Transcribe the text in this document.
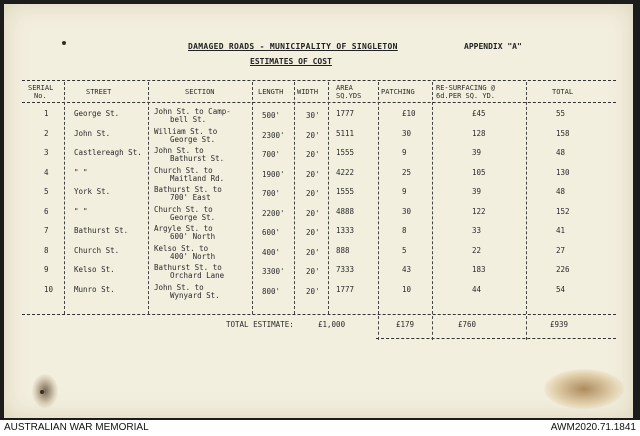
DAMAGED ROADS - MUNICIPALITY OF SINGLETON	APPENDIX "A"
ESTIMATES OF COST
SERIAL
No.	STREET	SECTION	LENGTH WIDTH	AREA
SQ.YDS	PATCHING	RE-SURFACING @
6d.PER SQ. YD.	TOTAL
1	George St.	John St. to Camp-
bell St.	500'	30' 1777	£10	£45	55
2	John St.	William St. to
George St.	2300'	20' 5111	30	128	158
3	Castlereagh St. John St. to
Bathurst St.	700'	20' 1555	9	39	48
4	" "	Church St. to
Maitland Rd.	1900'	20' 4222	25	105	130
5	York St.	Bathurst St. to
700' East	700'	20' 1555	9	39	48
6	" "	Church St. to
George St.	2200'	20' 4888	30	122	152
7	Bathurst St.	Argyle St. to
600' North	600'	20' 1333	8	33	41
8	Church St.	Kelso St. to
400' North	400'	20' 888	5	22	27
9	Kelso St.	Bathurst St. to
Orchard Lane	3300'	20' 7333	43	183	226
10	Munro St.	John St. to
Wynyard St.	800'	20' 1777	10	44	54
TOTAL ESTIMATE:	£1,000	£179	£760	£939
AUSTRALIAN WAR MEMORIAL	AWM2020.71.1841
